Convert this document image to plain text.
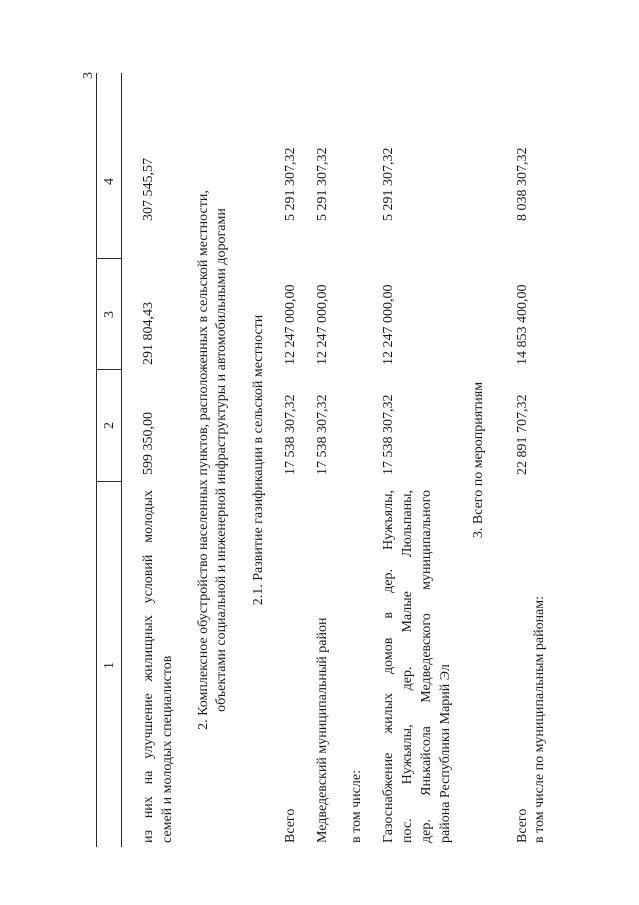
3
1
2
3
4
из них на улучшение жилищных условий молодых семей и молодых специалистов
599 350,00
291 804,43
307 545,57
2. Комплексное обустройство населенных пунктов, расположенных в сельской местности, объектами социальной и инженерной инфраструктуры и автомобильными дорогами 2.1. Развитие газификации в сельской местности
Всего
17 538 307,32
12 247 000,00
5 291 307,32
Медведевский муниципальный район
17 538 307,32
12 247 000,00
5 291 307,32
в том числе: Газоснабжение жилых домов в дер. Нужъялы, пос. Нужъялы, дер. Малые Люльпаны, дер. Янькайсола Медведевского муниципального района Республики Марий Эл
17 538 307,32
12 247 000,00
5 291 307,32
3. Всего по мероприятиям
Всего в том числе по муниципальным районам:
22 891 707,32
14 853 400,00
8 038 307,32
